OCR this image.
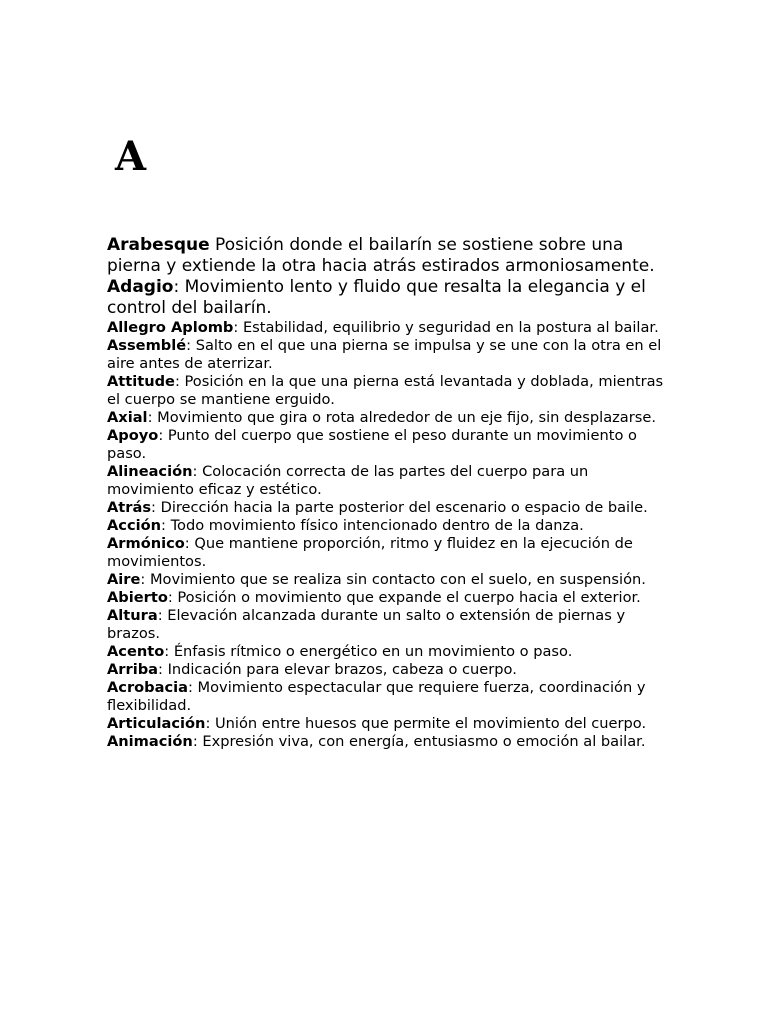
A

Arabesque Posición donde el bailarín se sostiene sobre una pierna y extiende la otra hacia atrás estirados armoniosamente.

Adagio: Movimiento lento y fluido que resalta la elegancia y el control del bailarín.

Allegro Aplomb: Estabilidad, equilibrio y seguridad en la postura al bailar.

Assemblé: Salto en el que una pierna se impulsa y se une con la otra en el aire antes de aterrizar.

Attitude: Posición en la que una pierna está levantada y doblada, mientras el cuerpo se mantiene erguido.

Axial: Movimiento que gira o rota alrededor de un eje fijo, sin desplazarse.

Apoyo: Punto del cuerpo que sostiene el peso durante un movimiento o paso.

Alineación: Colocación correcta de las partes del cuerpo para un movimiento eficaz y estético.

Atrás: Dirección hacia la parte posterior del escenario o espacio de baile.

Acción: Todo movimiento físico intencionado dentro de la danza.

Armónico: Que mantiene proporción, ritmo y fluidez en la ejecución de movimientos.

Aire: Movimiento que se realiza sin contacto con el suelo, en suspensión.

Abierto: Posición o movimiento que expande el cuerpo hacia el exterior.

Altura: Elevación alcanzada durante un salto o extensión de piernas y brazos.

Acento: Énfasis rítmico o energético en un movimiento o paso.

Arriba: Indicación para elevar brazos, cabeza o cuerpo.

Acrobacia: Movimiento espectacular que requiere fuerza, coordinación y flexibilidad.

Articulación: Unión entre huesos que permite el movimiento del cuerpo.

Animación: Expresión viva, con energía, entusiasmo o emoción al bailar.
